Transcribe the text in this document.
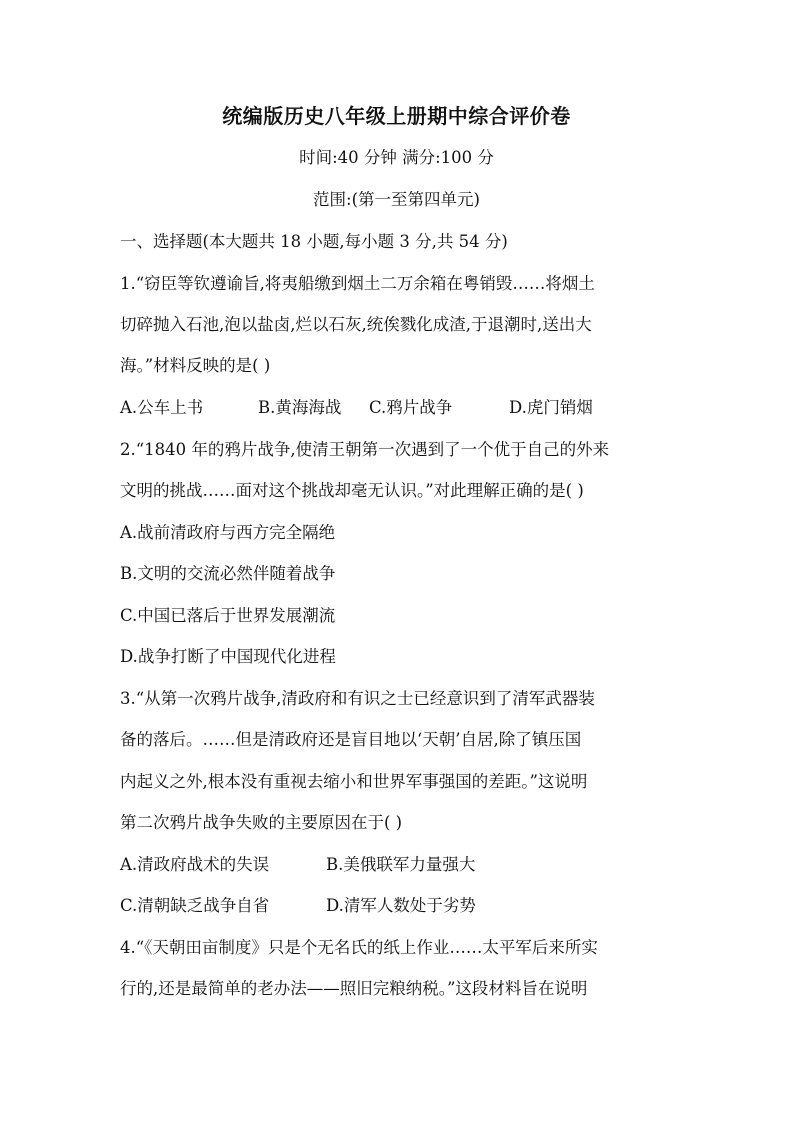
统编版历史八年级上册期中综合评价卷
时间:40 分钟 满分:100 分
范围:(第一至第四单元)
一、选择题(本大题共 18 小题,每小题 3 分,共 54 分)
1.“窃臣等钦遵谕旨,将夷船缴到烟土二万余箱在粤销毁……将烟土
切碎抛入石池,泡以盐卤,烂以石灰,统俟戮化成渣,于退潮时,送出大
海。”材料反映的是( )
A.公车上书	B.黄海海战 C.鸦片战争	D.虎门销烟
2.“1840 年的鸦片战争,使清王朝第一次遇到了一个优于自己的外来
文明的挑战……面对这个挑战却毫无认识。”对此理解正确的是( )
A.战前清政府与西方完全隔绝
B.文明的交流必然伴随着战争
C.中国已落后于世界发展潮流
D.战争打断了中国现代化进程
3.“从第一次鸦片战争,清政府和有识之士已经意识到了清军武器装
备的落后。……但是清政府还是盲目地以‘天朝’自居,除了镇压国
内起义之外,根本没有重视去缩小和世界军事强国的差距。”这说明
第二次鸦片战争失败的主要原因在于( )
A.清政府战术的失误	B.美俄联军力量强大
C.清朝缺乏战争自省	D.清军人数处于劣势
4.“《天朝田亩制度》只是个无名氏的纸上作业……太平军后来所实
行的,还是最简单的老办法——照旧完粮纳税。”这段材料旨在说明
